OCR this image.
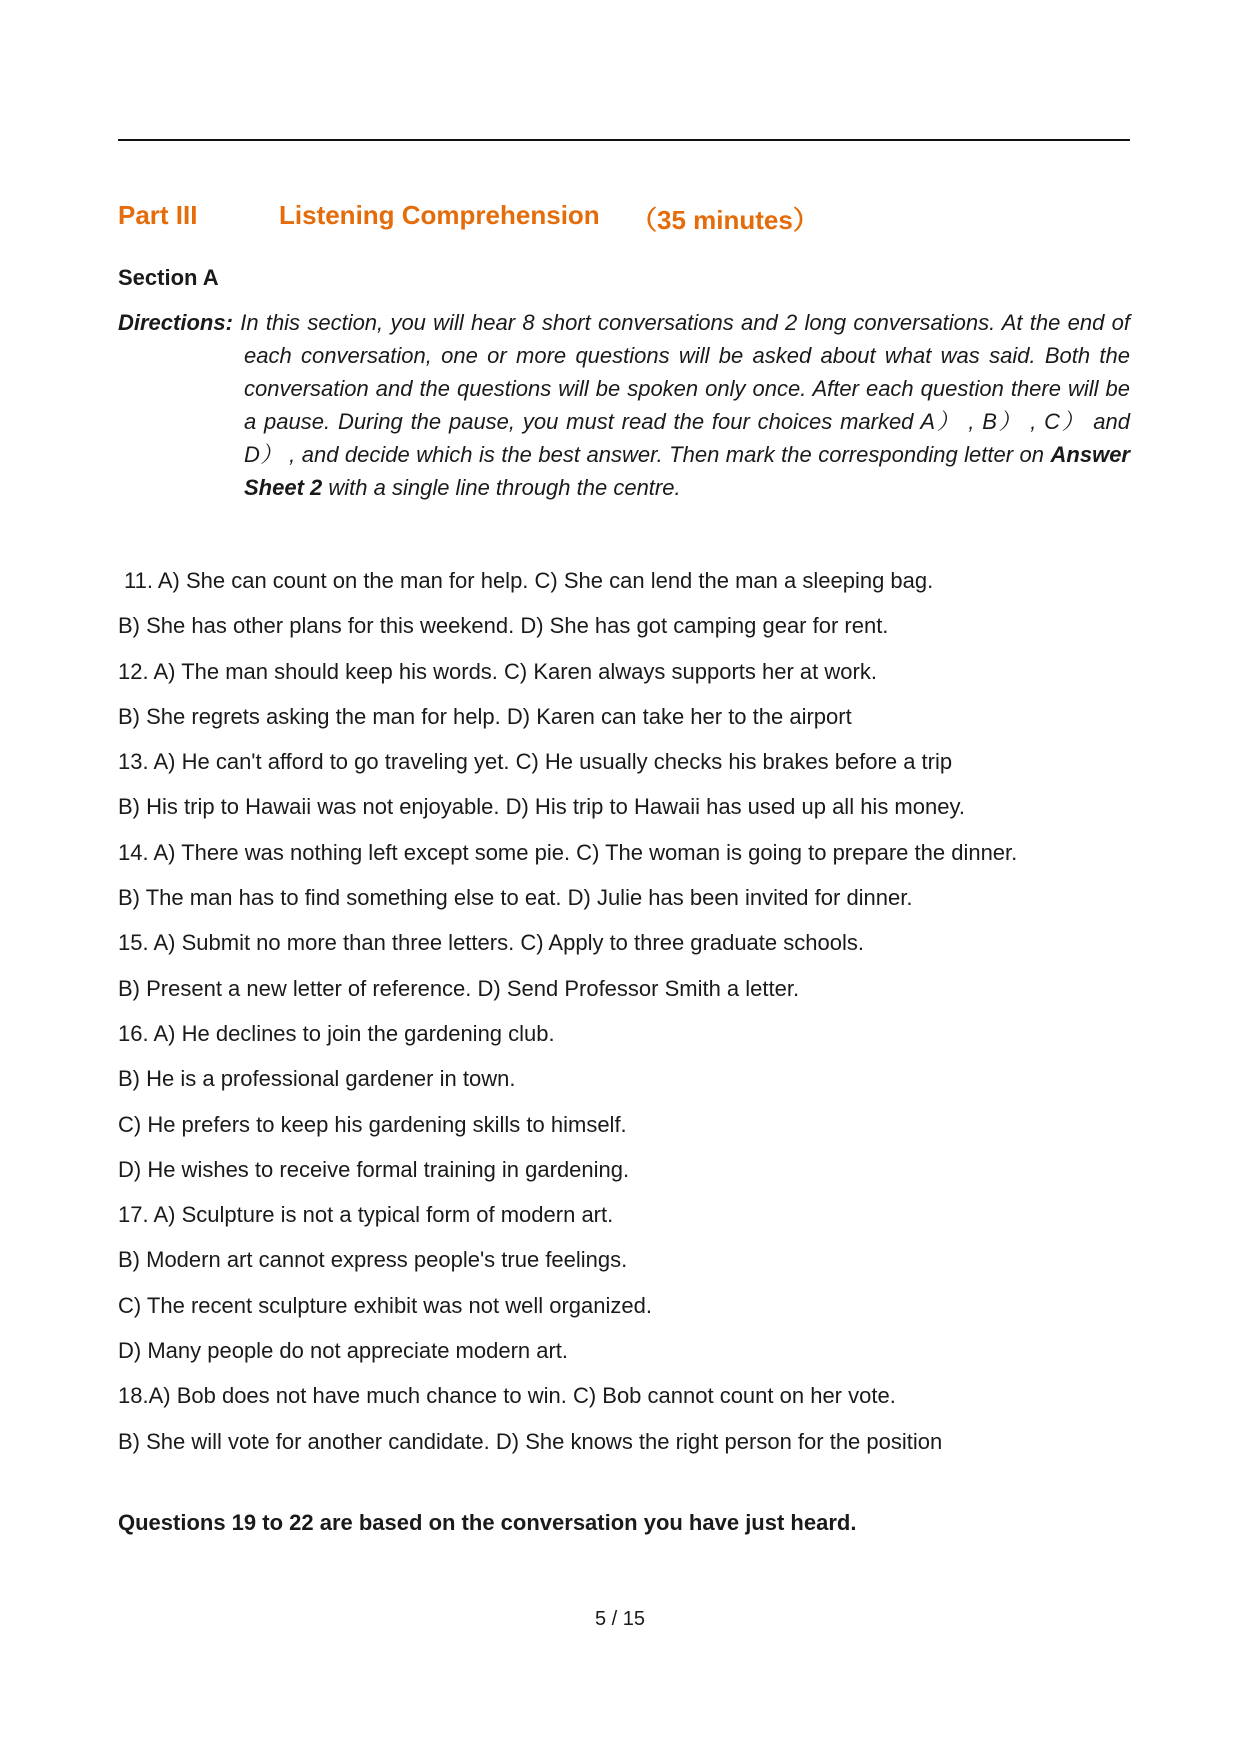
Part III	Listening Comprehension （35 minutes）
Section A
Directions: In this section, you will hear 8 short conversations and 2 long conversations. At the end of each conversation, one or more questions will be asked about what was said. Both the conversation and the questions will be spoken only once. After each question there will be a pause. During the pause, you must read the four choices marked A） , B） , C） and D） , and decide which is the best answer. Then mark the corresponding letter on Answer Sheet 2 with a single line through the centre.
11. A) She can count on the man for help. C) She can lend the man a sleeping bag.
B) She has other plans for this weekend. D) She has got camping gear for rent.
12. A) The man should keep his words. C) Karen always supports her at work.
B) She regrets asking the man for help. D) Karen can take her to the airport
13. A) He can't afford to go traveling yet. C) He usually checks his brakes before a trip
B) His trip to Hawaii was not enjoyable. D) His trip to Hawaii has used up all his money.
14. A) There was nothing left except some pie. C) The woman is going to prepare the dinner.
B) The man has to find something else to eat. D) Julie has been invited for dinner.
15. A) Submit no more than three letters. C) Apply to three graduate schools.
B) Present a new letter of reference. D) Send Professor Smith a letter.
16. A) He declines to join the gardening club.
B) He is a professional gardener in town.
C) He prefers to keep his gardening skills to himself.
D) He wishes to receive formal training in gardening.
17. A) Sculpture is not a typical form of modern art.
B) Modern art cannot express people's true feelings.
C) The recent sculpture exhibit was not well organized.
D) Many people do not appreciate modern art.
18.A) Bob does not have much chance to win. C) Bob cannot count on her vote.
B) She will vote for another candidate. D) She knows the right person for the position
Questions 19 to 22 are based on the conversation you have just heard.
5 / 15
